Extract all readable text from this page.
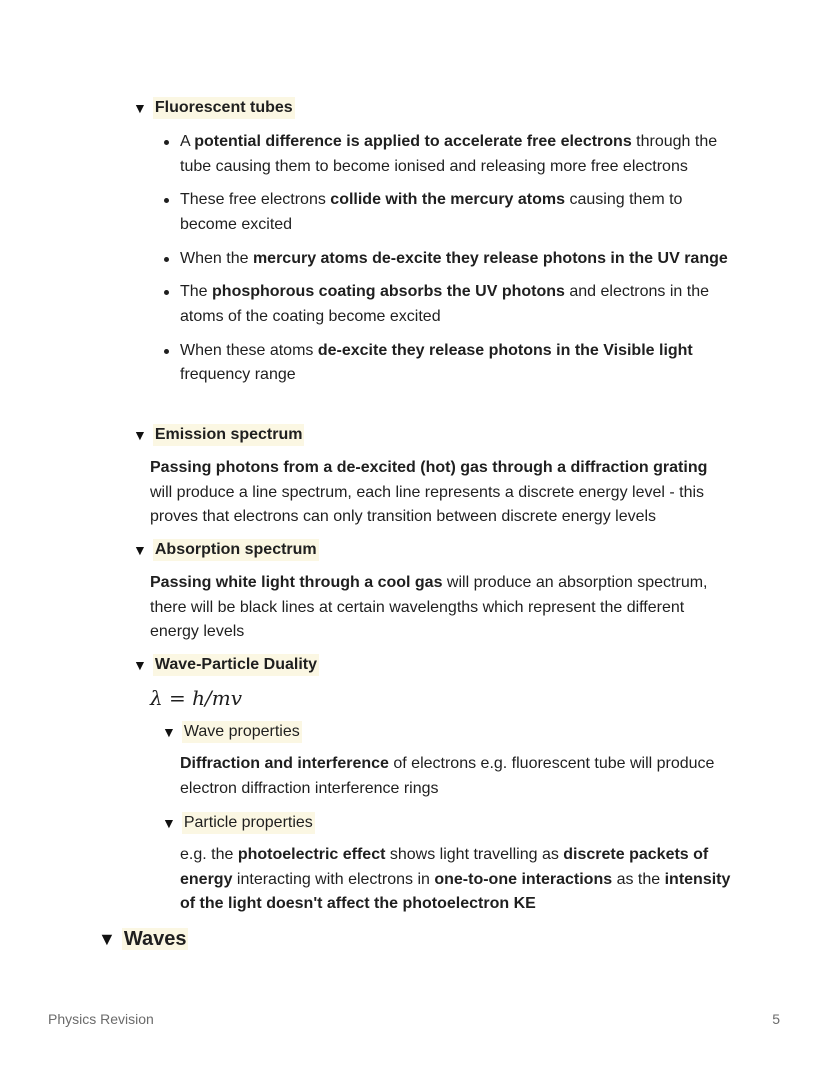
▼ Fluorescent tubes
A potential difference is applied to accelerate free electrons through the tube causing them to become ionised and releasing more free electrons
These free electrons collide with the mercury atoms causing them to become excited
When the mercury atoms de-excite they release photons in the UV range
The phosphorous coating absorbs the UV photons and electrons in the atoms of the coating become excited
When these atoms de-excite they release photons in the Visible light frequency range
▼ Emission spectrum

Passing photons from a de-excited (hot) gas through a diffraction grating will produce a line spectrum, each line represents a discrete energy level - this proves that electrons can only transition between discrete energy levels

▼ Absorption spectrum

Passing white light through a cool gas will produce an absorption spectrum, there will be black lines at certain wavelengths which represent the different energy levels

▼ Wave-Particle Duality
λ = h/mv
▼ Wave properties

Diffraction and interference of electrons e.g. fluorescent tube will produce electron diffraction interference rings

▼ Particle properties

e.g. the photoelectric effect shows light travelling as discrete packets of energy interacting with electrons in one-to-one interactions as the intensity of the light doesn't affect the photoelectron KE

▼ Waves
Physics Revision	5
